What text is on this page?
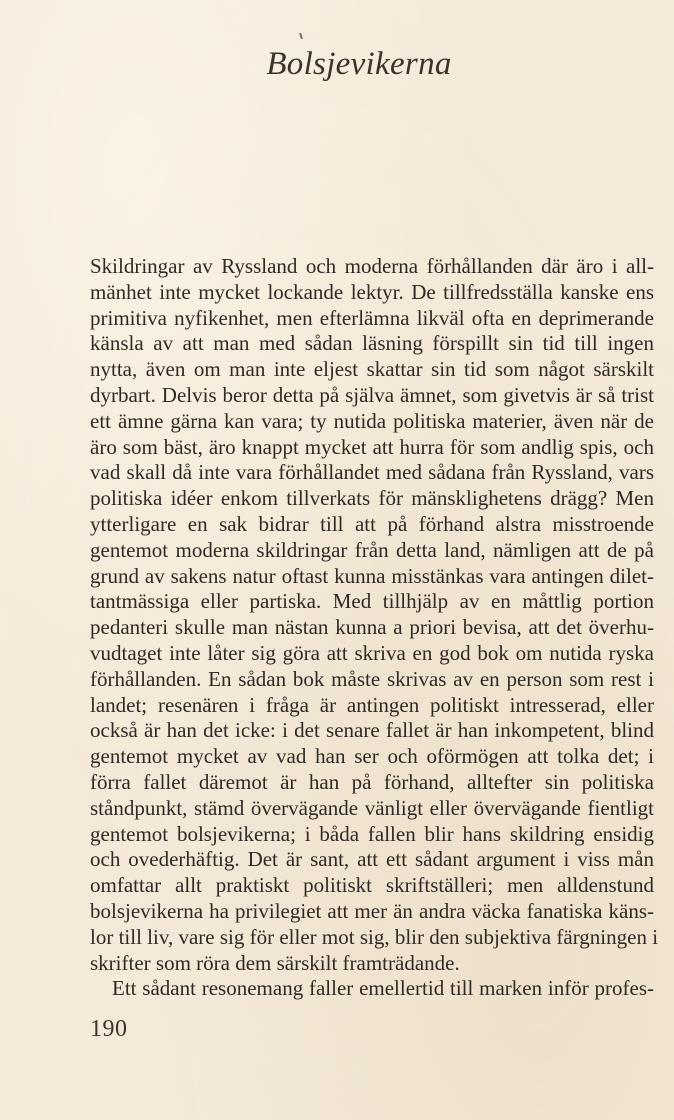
Bolsjevikerna
Skildringar av Ryssland och moderna förhållanden där äro i all-
mänhet inte mycket lockande lektyr. De tillfredsställa kanske ens
primitiva nyfikenhet, men efterlämna likväl ofta en deprimerande
känsla av att man med sådan läsning förspillt sin tid till ingen
nytta, även om man inte eljest skattar sin tid som något särskilt
dyrbart. Delvis beror detta på själva ämnet, som givetvis är så trist
ett ämne gärna kan vara; ty nutida politiska materier, även när de
äro som bäst, äro knappt mycket att hurra för som andlig spis, och
vad skall då inte vara förhållandet med sådana från Ryssland, vars
politiska idéer enkom tillverkats för mänsklighetens drägg? Men
ytterligare en sak bidrar till att på förhand alstra misstroende
gentemot moderna skildringar från detta land, nämligen att de på
grund av sakens natur oftast kunna misstänkas vara antingen dilet-
tantmässiga eller partiska. Med tillhjälp av en måttlig portion
pedanteri skulle man nästan kunna a priori bevisa, att det överhu-
vudtaget inte låter sig göra att skriva en god bok om nutida ryska
förhållanden. En sådan bok måste skrivas av en person som rest i
landet; resenären i fråga är antingen politiskt intresserad, eller
också är han det icke: i det senare fallet är han inkompetent, blind
gentemot mycket av vad han ser och oförmögen att tolka det; i
förra fallet däremot är han på förhand, alltefter sin politiska
ståndpunkt, stämd övervägande vänligt eller övervägande fientligt
gentemot bolsjevikerna; i båda fallen blir hans skildring ensidig
och ovederhäftig. Det är sant, att ett sådant argument i viss mån
omfattar allt praktiskt politiskt skriftställeri; men alldenstund
bolsjevikerna ha privilegiet att mer än andra väcka fanatiska käns-
lor till liv, vare sig för eller mot sig, blir den subjektiva färgningen i
skrifter som röra dem särskilt framträdande.
Ett sådant resonemang faller emellertid till marken inför profes-
190
